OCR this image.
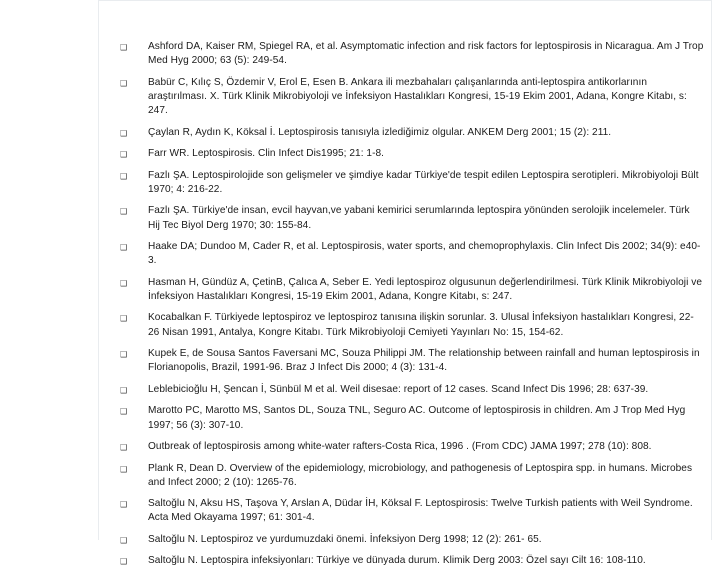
❑ Ashford DA, Kaiser RM, Spiegel RA, et al. Asymptomatic infection and risk factors for leptospirosis in Nicaragua. Am J Trop Med Hyg 2000; 63 (5): 249-54.
❑ Babür C, Kılıç S, Özdemir V, Erol E, Esen B. Ankara ili mezbahaları çalışanlarında anti-leptospira antikorlarının araştırılması. X. Türk Klinik Mikrobiyoloji ve İnfeksiyon Hastalıkları Kongresi, 15-19 Ekim 2001, Adana, Kongre Kitabı, s: 247.
❑ Çaylan R, Aydın K, Köksal İ. Leptospirosis tanısıyla izlediğimiz olgular. ANKEM Derg 2001; 15 (2): 211.
❑ Farr WR. Leptospirosis. Clin Infect Dis1995; 21: 1-8.
❑ Fazlı ŞA. Leptospirolojide son gelişmeler ve şimdiye kadar Türkiye'de tespit edilen Leptospira serotipleri. Mikrobiyoloji Bült 1970; 4: 216-22.
❑ Fazlı ŞA. Türkiye'de insan, evcil hayvan,ve yabani kemirici serumlarında leptospira yönünden serolojik incelemeler. Türk Hij Tec Biyol Derg 1970; 30: 155-84.
❑ Haake DA; Dundoo M, Cader R, et al. Leptospirosis, water sports, and chemoprophylaxis. Clin Infect Dis 2002; 34(9): e40-3.
❑ Hasman H, Gündüz A, ÇetinB, Çalıca A, Seber E. Yedi leptospiroz olgusunun değerlendirilmesi. Türk Klinik Mikrobiyoloji ve İnfeksiyon Hastalıkları Kongresi, 15-19 Ekim 2001, Adana, Kongre Kitabı, s: 247.
❑ Kocabalkan F. Türkiyede leptospiroz ve leptospiroz tanısına ilişkin sorunlar. 3. Ulusal İnfeksiyon hastalıkları Kongresi, 22-26 Nisan 1991, Antalya, Kongre Kitabı. Türk Mikrobiyoloji Cemiyeti Yayınları No: 15, 154-62.
❑ Kupek E, de Sousa Santos Faversani MC, Souza Philippi JM. The relationship between rainfall and human leptospirosis in Florianopolis, Brazil, 1991-96. Braz J Infect Dis 2000; 4 (3): 131-4.
❑ Leblebicioğlu H, Şencan İ, Sünbül M et al. Weil disesae: report of 12 cases. Scand Infect Dis 1996; 28: 637-39.
❑ Marotto PC, Marotto MS, Santos DL, Souza TNL, Seguro AC. Outcome of leptospirosis in children. Am J Trop Med Hyg 1997; 56 (3): 307-10.
❑ Outbreak of leptospirosis among white-water rafters-Costa Rica, 1996 . (From CDC) JAMA 1997; 278 (10): 808.
❑ Plank R, Dean D. Overview of the epidemiology, microbiology, and pathogenesis of Leptospira spp. in humans. Microbes and Infect 2000; 2 (10): 1265-76.
❑ Saltoğlu N, Aksu HS, Taşova Y, Arslan A, Düdar İH, Köksal F. Leptospirosis: Twelve Turkish patients with Weil Syndrome. Acta Med Okayama 1997; 61: 301-4.
❑ Saltoğlu N. Leptospiroz ve yurdumuzdaki önemi. İnfeksiyon Derg 1998; 12 (2): 261- 65.
❑ Saltoğlu N. Leptospira infeksiyonları: Türkiye ve dünyada durum. Klimik Derg 2003: Özel sayı Cilt 16: 108-110.
